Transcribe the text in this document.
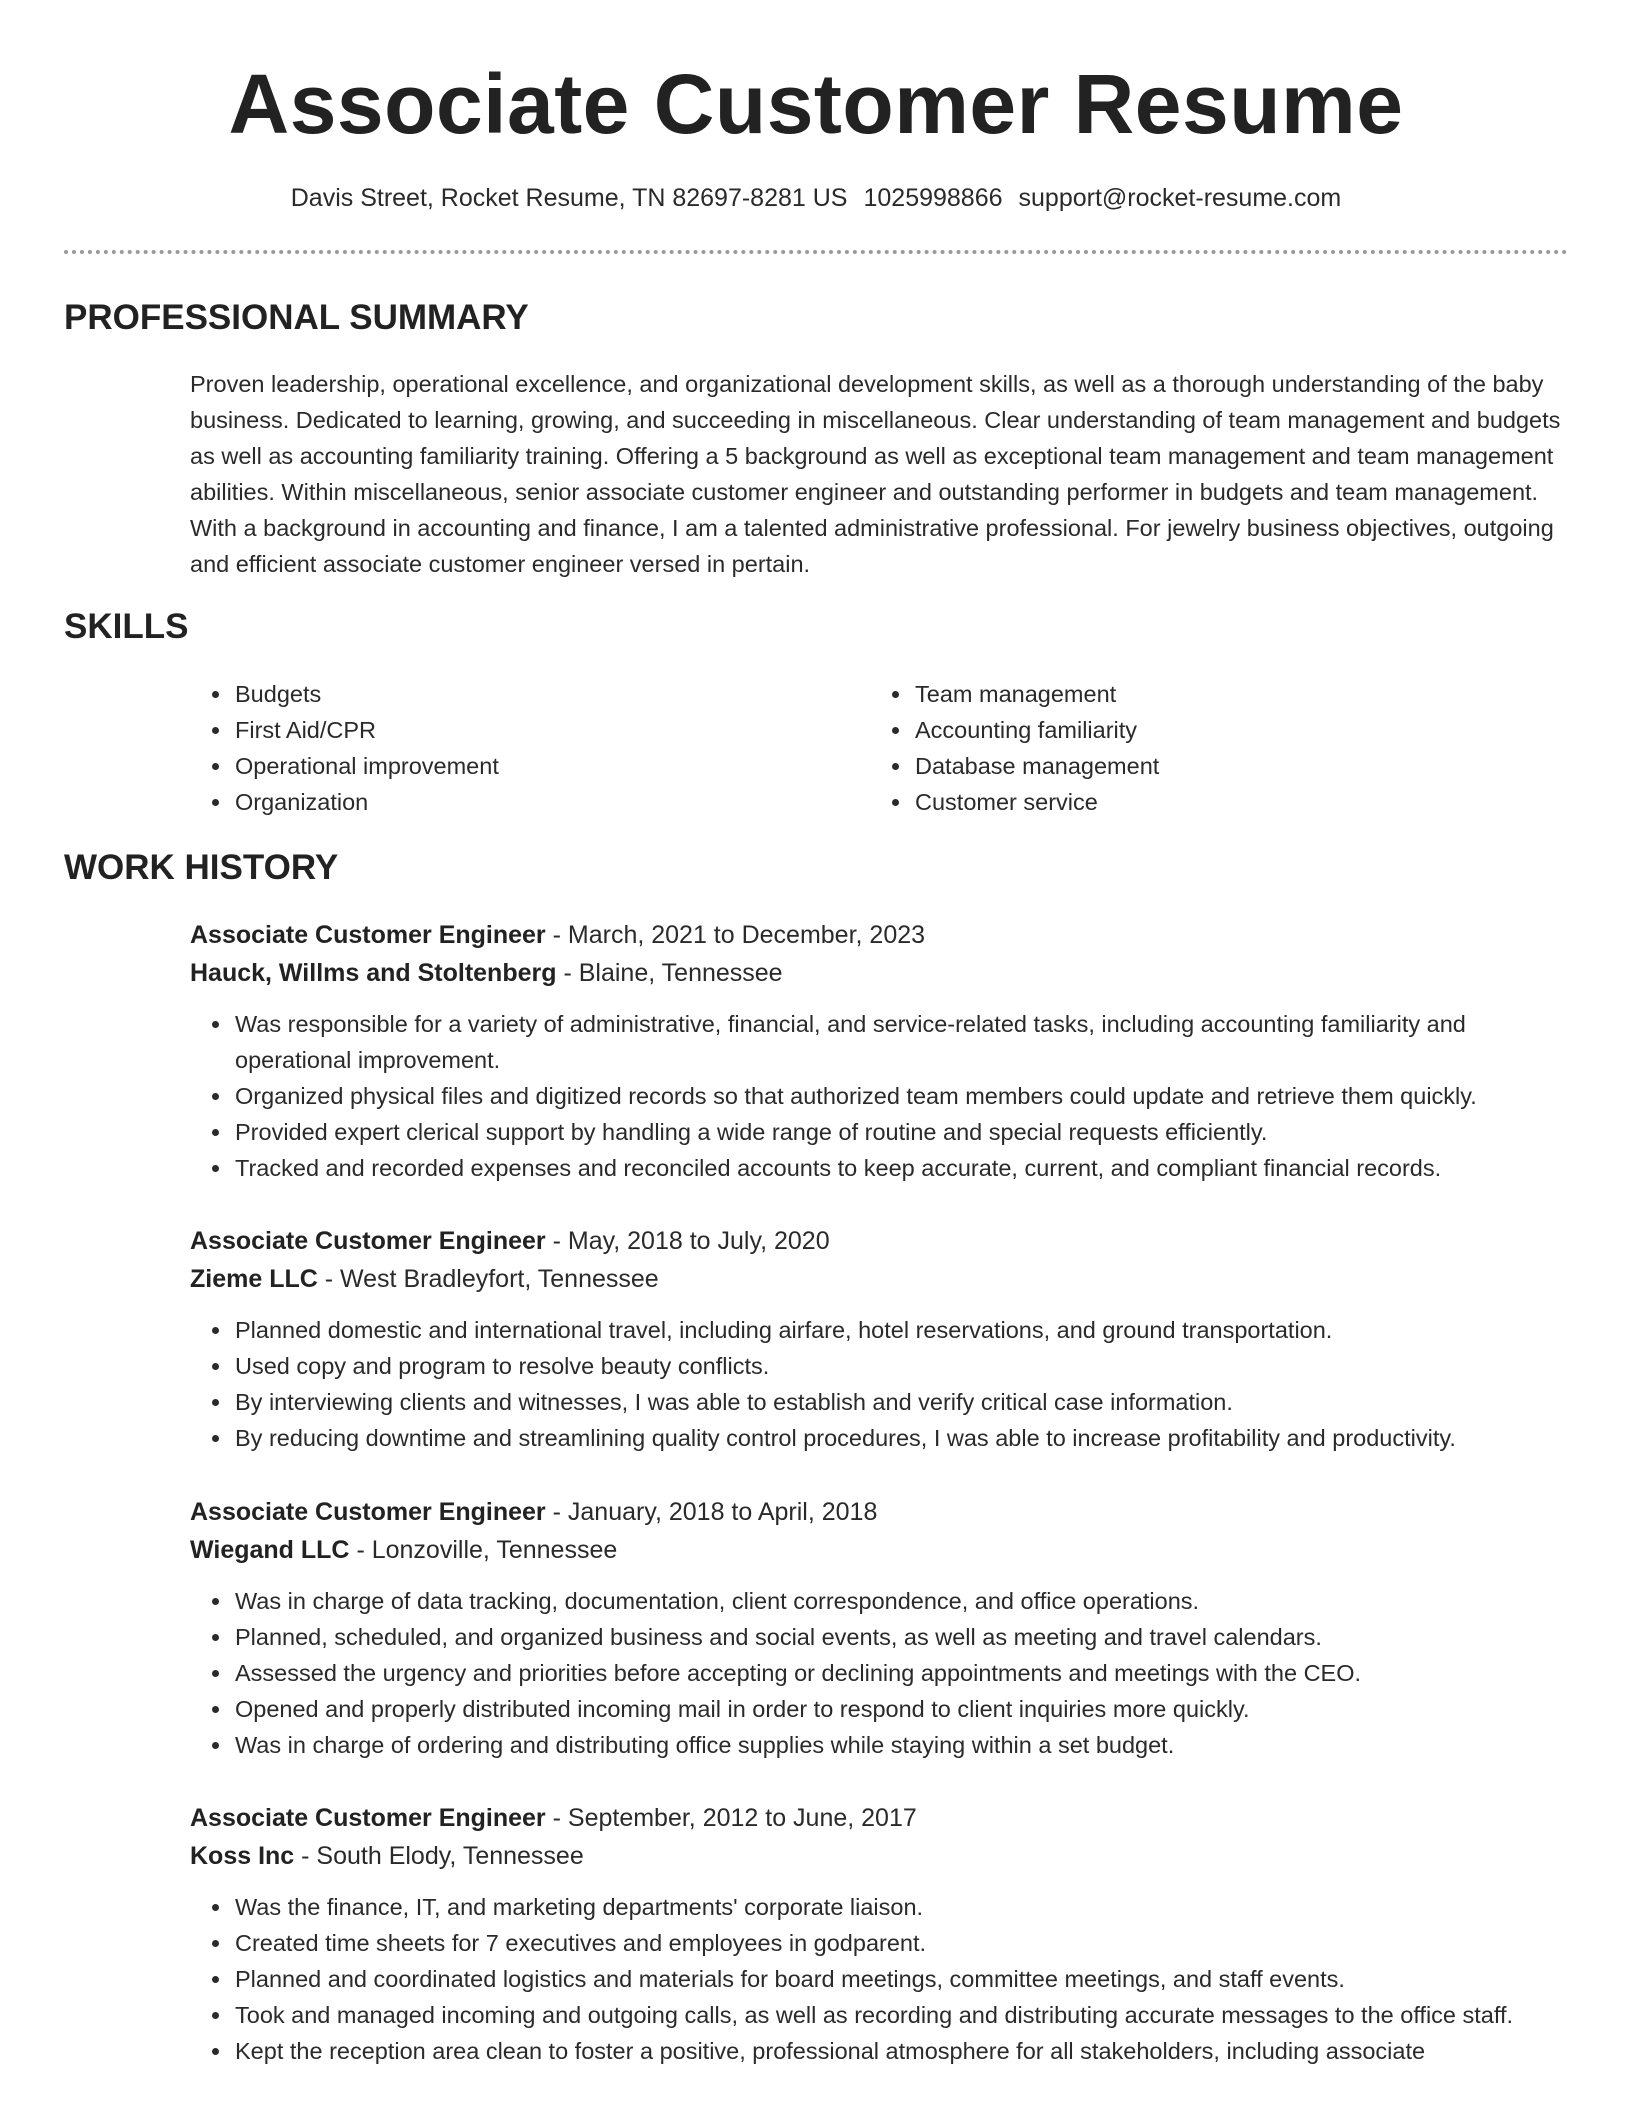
Associate Customer Resume
Davis Street, Rocket Resume, TN 82697-8281 US 1025998866 support@rocket-resume.com
PROFESSIONAL SUMMARY

Proven leadership, operational excellence, and organizational development skills, as well as a thorough understanding of the baby business. Dedicated to learning, growing, and succeeding in miscellaneous. Clear understanding of team management and budgets as well as accounting familiarity training. Offering a 5 background as well as exceptional team management and team management abilities. Within miscellaneous, senior associate customer engineer and outstanding performer in budgets and team management. With a background in accounting and finance, I am a talented administrative professional. For jewelry business objectives, outgoing and efficient associate customer engineer versed in pertain.

SKILLS
• Budgets
• First Aid/CPR
• Operational improvement
• Organization
• Team management
• Accounting familiarity
• Database management
• Customer service
WORK HISTORY

Associate Customer Engineer - March, 2021 to December, 2023

Hauck, Willms and Stoltenberg - Blaine, Tennessee

• Was responsible for a variety of administrative, financial, and service-related tasks, including accounting familiarity and operational improvement.
• Organized physical files and digitized records so that authorized team members could update and retrieve them quickly.
• Provided expert clerical support by handling a wide range of routine and special requests efficiently.
• Tracked and recorded expenses and reconciled accounts to keep accurate, current, and compliant financial records.

Associate Customer Engineer - May, 2018 to July, 2020

Zieme LLC - West Bradleyfort, Tennessee

• Planned domestic and international travel, including airfare, hotel reservations, and ground transportation.
• Used copy and program to resolve beauty conflicts.
• By interviewing clients and witnesses, I was able to establish and verify critical case information.
• By reducing downtime and streamlining quality control procedures, I was able to increase profitability and productivity.

Associate Customer Engineer - January, 2018 to April, 2018

Wiegand LLC - Lonzoville, Tennessee

• Was in charge of data tracking, documentation, client correspondence, and office operations.
• Planned, scheduled, and organized business and social events, as well as meeting and travel calendars.
• Assessed the urgency and priorities before accepting or declining appointments and meetings with the CEO.
• Opened and properly distributed incoming mail in order to respond to client inquiries more quickly.
• Was in charge of ordering and distributing office supplies while staying within a set budget.

Associate Customer Engineer - September, 2012 to June, 2017

Koss Inc - South Elody, Tennessee

• Was the finance, IT, and marketing departments' corporate liaison.
• Created time sheets for 7 executives and employees in godparent.
• Planned and coordinated logistics and materials for board meetings, committee meetings, and staff events.
• Took and managed incoming and outgoing calls, as well as recording and distributing accurate messages to the office staff.
• Kept the reception area clean to foster a positive, professional atmosphere for all stakeholders, including associate
